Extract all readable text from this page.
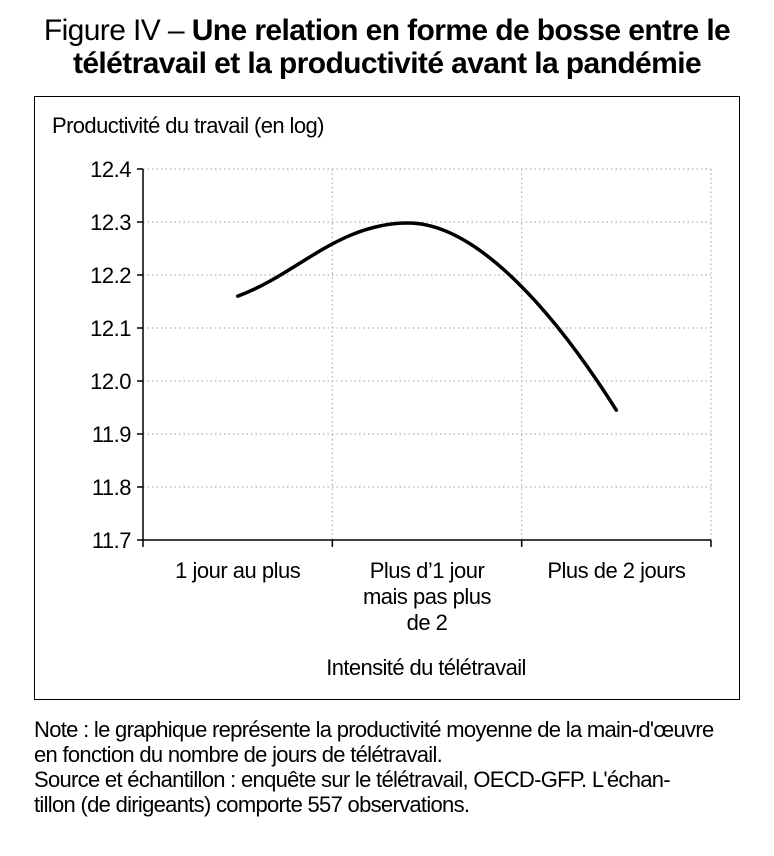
Figure IV – Une relation en forme de bosse entre le
télétravail et la productivité avant la pandémie
12.4
12.3
12.2
12.1
12.0
11.9
11.8
11.7
1 jour au plus	Plus d’1 jour mais pas plus de 2
Plus de 2 jours
Productivité du travail (en log)
Intensité du télétravail
Note : le graphique représente la productivité moyenne de la main-d'œuvre
en fonction du nombre de jours de télétravail.
Source et échantillon : enquête sur le télétravail, OECD-GFP. L'échan-
tillon (de dirigeants) comporte 557 observations.
